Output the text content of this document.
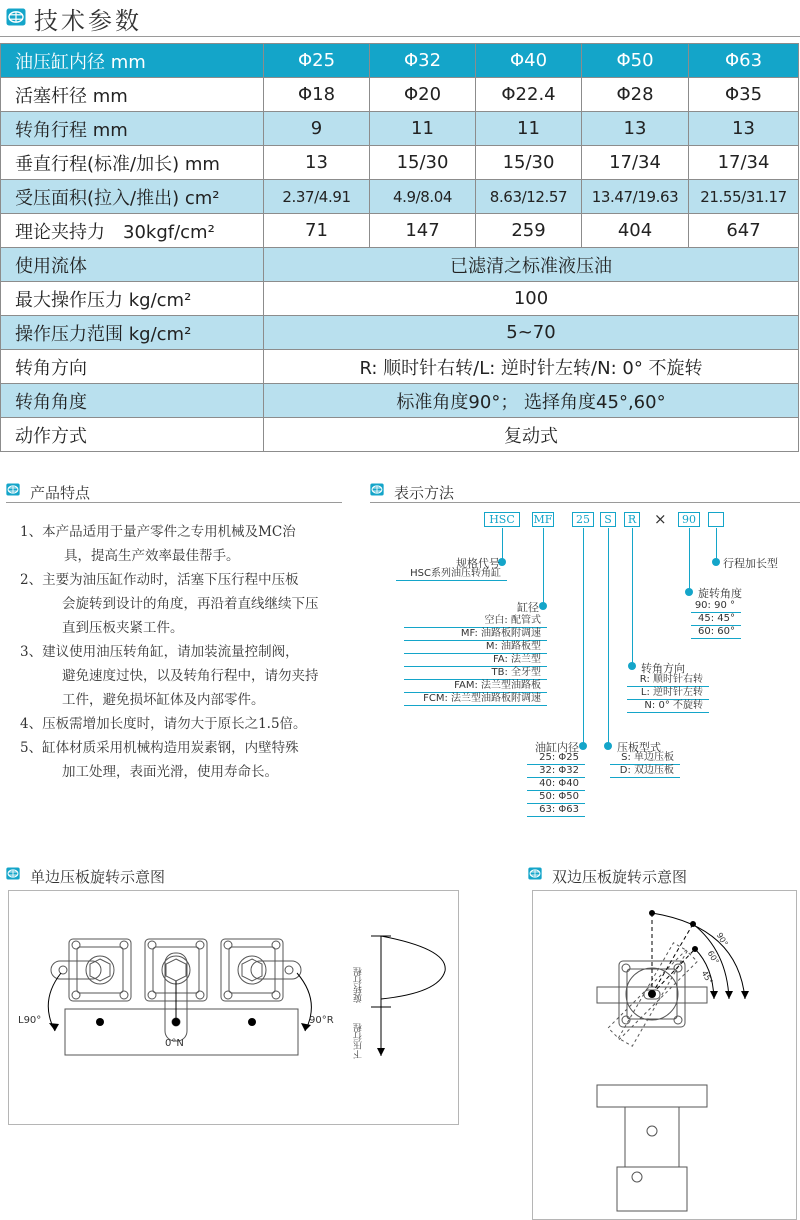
技术参数
油压缸内径 mm	Φ25	Φ32	Φ40	Φ50	Φ63
活塞杆径 mm	Φ18	Φ20	Φ22.4	Φ28	Φ35
转角行程 mm	9	11	11	13	13
垂直行程(标准/加长) mm	13	15/30	15/30	17/34	17/34
受压面积(拉入/推出) cm²	2.37/4.91	4.9/8.04	8.63/12.57	13.47/19.63	21.55/31.17
理论夹持力　30kgf/cm²	71	147	259	404	647
使用流体	已滤清之标准液压油				
最大操作压力 kg/cm²	100				
操作压力范围 kg/cm²	5~70				
转角方向	R: 顺时针右转/L: 逆时针左转/N: 0° 不旋转				
转角角度	标准角度90°； 选择角度45°,60°				
动作方式	复动式				
产品特点
1、本产品适用于量产零件之专用机械及MC治
具，提高生产效率最佳帮手。
2、主要为油压缸作动时，活塞下压行程中压板
会旋转到设计的角度，再沿着直线继续下压
直到压板夹紧工件。
3、建议使用油压转角缸，请加装流量控制阀，
避免速度过快，以及转角行程中，请勿夹持
工件，避免损坏缸体及内部零件。
4、压板需增加长度时，请勿大于原长之1.5倍。
5、缸体材质采用机械构造用炭素钢，内壁特殊
加工处理，表面光滑，使用寿命长。
表示方法
HSC	MF	25	S	R ×	90	E
规格代号
缸径
油缸内径	压板型式
转角方向
旋转角度
行程加长型
HSC系列油压转角缸
空白: 配管式
MF: 油路板附调速
M: 油路板型
FA: 法兰型
TB: 全牙型
FAM: 法兰型油路板
FCM: 法兰型油路板附调速
25: Φ25
32: Φ32
40: Φ40
50: Φ50
63: Φ63
S: 单边压板
D: 双边压板
R: 顺时针右转
L: 逆时针左转
N: 0° 不旋转
90: 90 °
45: 45°
60: 60°
单边压板旋转示意图
L90°
0°N
90°R
旋转行程
下压行程
双边压板旋转示意图
90°
60°
45°
